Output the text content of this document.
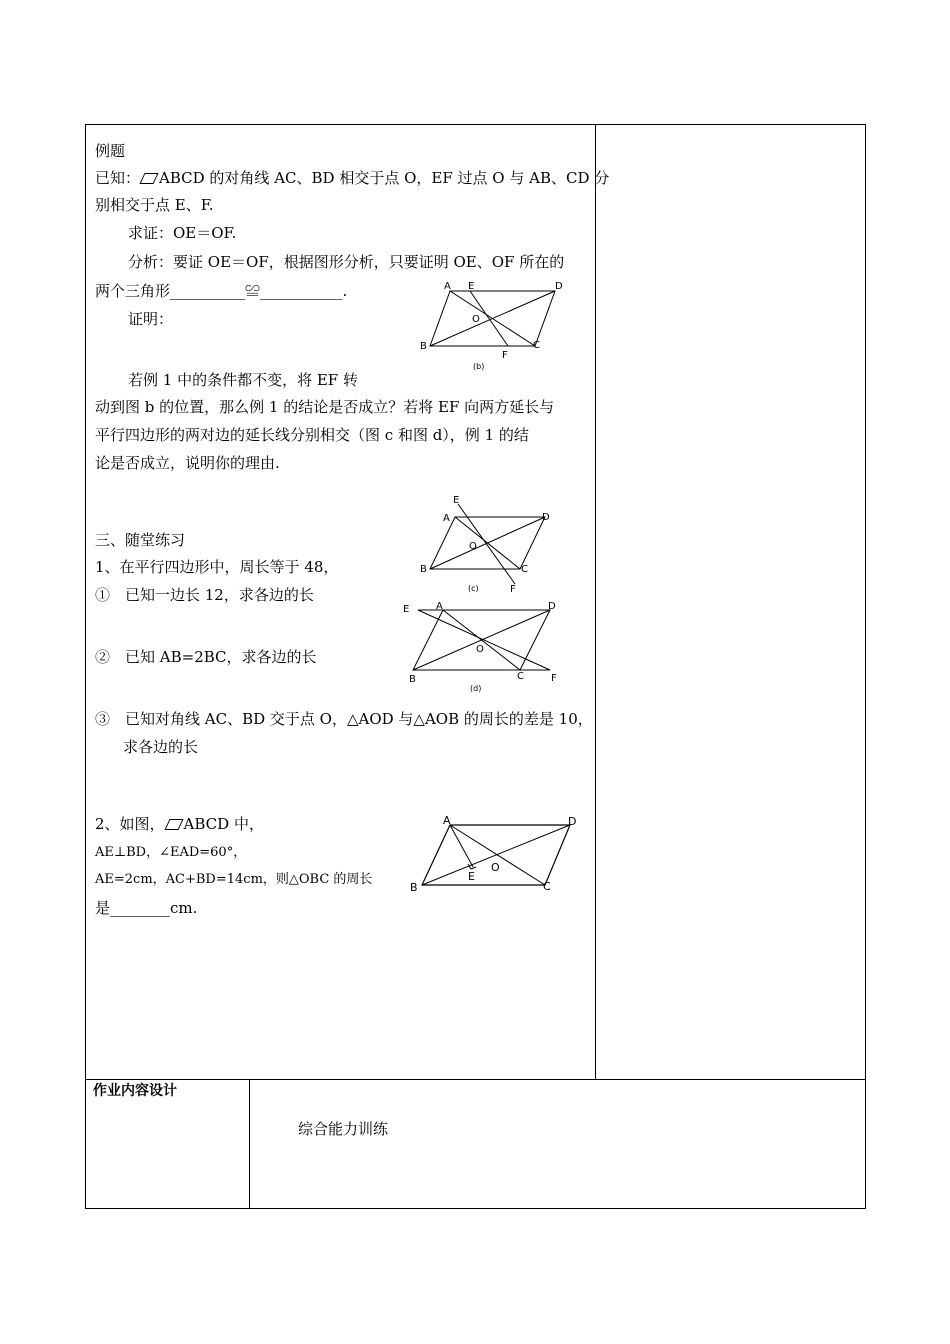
例题
已知： ABCD 的对角线 AC、BD 相交于点 O，EF 过点 O 与 AB、CD 分
别相交于点 E、F.
求证：OE＝OF.
分析：要证 OE＝OF，根据图形分析，只要证明 OE、OF 所在的
两个三角形__________≌___________.
证明：
A E	D
O
B
F
C
(b)
若例 1 中的条件都不变，将 EF 转
动到图 b 的位置，那么例 1 的结论是否成立？若将 EF 向两方延长与
平行四边形的两对边的延长线分别相交（图 c 和图 d），例 1 的结
论是否成立，说明你的理由.
E
A	D
O
B	C
F
(c)
三、随堂练习
1、在平行四边形中，周长等于 48，
①　已知一边长 12，求各边的长
E	A	D
O
B	C	F
(d)
②　已知 AB=2BC，求各边的长
③　已知对角线 AC、BD 交于点 O，△AOD 与△AOB 的周长的差是 10，
求各边的长
2、如图， ABCD 中，
AE⊥BD，∠EAD=60°，
AE=2cm，AC+BD=14cm，则△OBC 的周长
是________cm.
A	D
O
E
B	C
作业内容设计
综合能力训练
